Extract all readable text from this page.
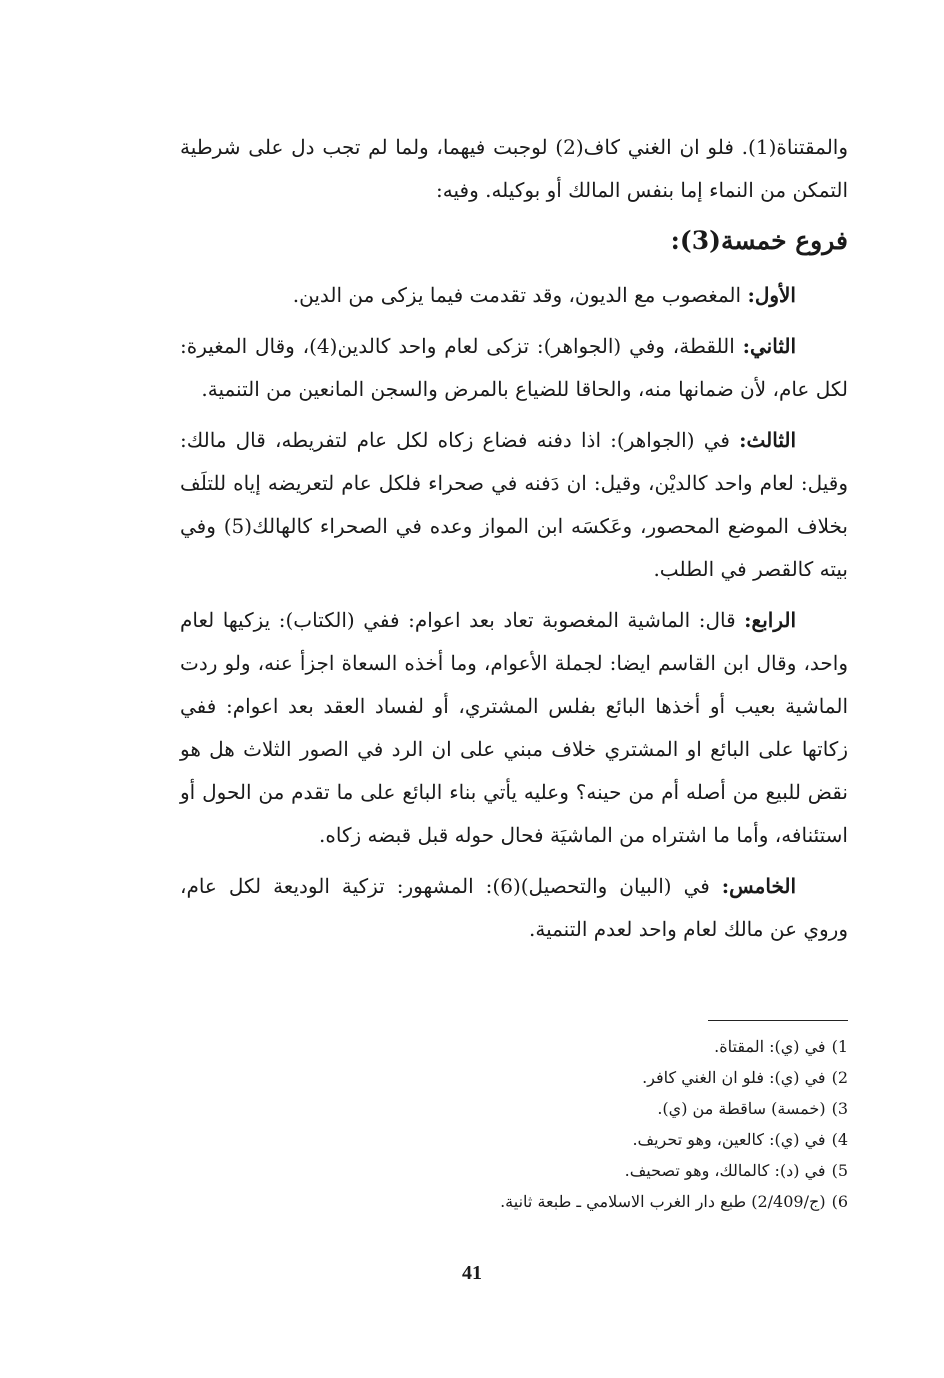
والمقتناة(1). فلو ان الغني كاف(2) لوجبت فيهما، ولما لم تجب دل على شرطية التمكن من النماء إما بنفس المالك أو بوكيله. وفيه:

فروع خمسة(3):

الأول: المغصوب مع الديون، وقد تقدمت فيما يزكى من الدين.

الثاني: اللقطة، وفي (الجواهر): تزكى لعام واحد كالدين(4)، وقال المغيرة: لكل عام، لأن ضمانها منه، والحاقا للضياع بالمرض والسجن المانعين من التنمية.

الثالث: في (الجواهر): اذا دفنه فضاع زكاه لكل عام لتفريطه، قال مالك: وقيل: لعام واحد كالديْن، وقيل: ان دَفنه في صحراء فلكل عام لتعريضه إياه للتلَف بخلاف الموضع المحصور، وعَكسَه ابن المواز وعده في الصحراء كالهالك(5) وفي بيته كالقصر في الطلب.

الرابع: قال: الماشية المغصوبة تعاد بعد اعوام: ففي (الكتاب): يزكيها لعام واحد، وقال ابن القاسم ايضا: لجملة الأعوام، وما أخذه السعاة اجزأ عنه، ولو ردت الماشية بعيب أو أخذها البائع بفلس المشتري، أو لفساد العقد بعد اعوام: ففي زكاتها على البائع او المشتري خلاف مبني على ان الرد في الصور الثلاث هل هو نقض للبيع من أصله أم من حينه؟ وعليه يأتي بناء البائع على ما تقدم من الحول أو استئنافه، وأما ما اشتراه من الماشيَة فحال حوله قبل قبضه زكاه.

الخامس: في (البيان والتحصيل)(6): المشهور: تزكية الوديعة لكل عام، وروي عن مالك لعام واحد لعدم التنمية.

1)في (ي): المقتاة.

2)في (ي): فلو ان الغني كافر.

3)(خمسة) ساقطة من (ي).

4)في (ي): كالعين، وهو تحريف.

5)في (د): كالمالك، وهو تصحيف.

6)(ج/2/409) طبع دار الغرب الاسلامي ـ طبعة ثانية.

41
